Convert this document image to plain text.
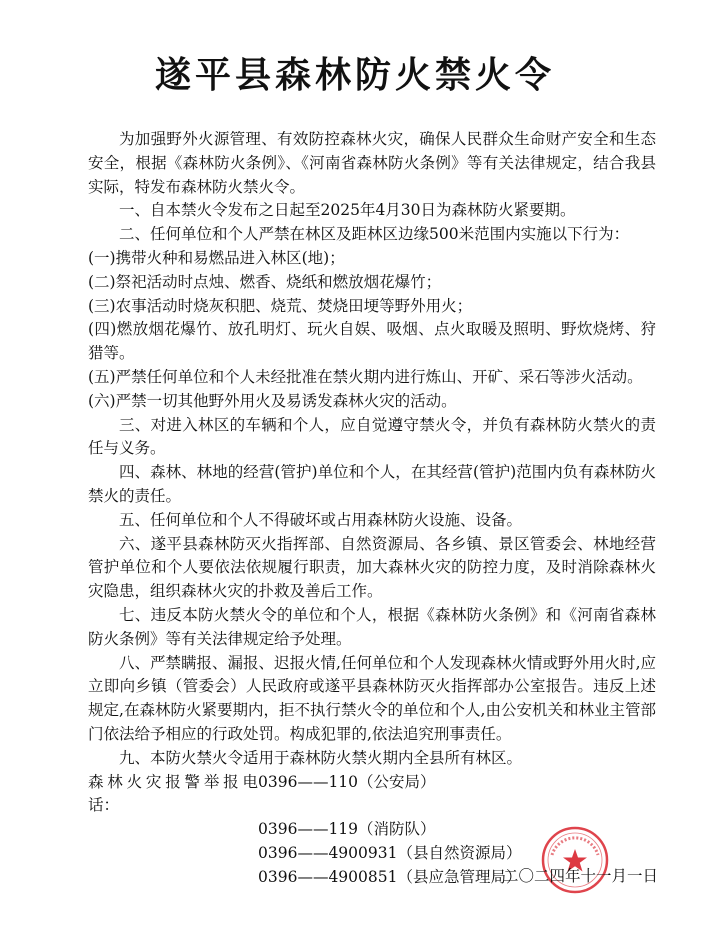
遂平县森林防火禁火令

为加强野外火源管理、有效防控森林火灾，确保人民群众生命财产安全和生态安全，根据《森林防火条例》、《河南省森林防火条例》等有关法律规定，结合我县实际，特发布森林防火禁火令。

一、自本禁火令发布之日起至2025年4月30日为森林防火紧要期。

二、任何单位和个人严禁在林区及距林区边缘500米范围内实施以下行为：

(一)携带火种和易燃品进入林区(地)；

(二)祭祀活动时点烛、燃香、烧纸和燃放烟花爆竹；

(三)农事活动时烧灰积肥、烧荒、焚烧田埂等野外用火；

(四)燃放烟花爆竹、放孔明灯、玩火自娱、吸烟、点火取暖及照明、野炊烧烤、狩猎等。

(五)严禁任何单位和个人未经批准在禁火期内进行炼山、开矿、采石等涉火活动。

(六)严禁一切其他野外用火及易诱发森林火灾的活动。

三、对进入林区的车辆和个人，应自觉遵守禁火令，并负有森林防火禁火的责任与义务。

四、森林、林地的经营(管护)单位和个人，在其经营(管护)范围内负有森林防火禁火的责任。

五、任何单位和个人不得破坏或占用森林防火设施、设备。

六、遂平县森林防灭火指挥部、自然资源局、各乡镇、景区管委会、林地经营管护单位和个人要依法依规履行职责，加大森林火灾的防控力度，及时消除森林火灾隐患，组织森林火灾的扑救及善后工作。

七、违反本防火禁火令的单位和个人，根据《森林防火条例》和《河南省森林防火条例》等有关法律规定给予处理。

八、严禁瞒报、漏报、迟报火情,任何单位和个人发现森林火情或野外用火时,应立即向乡镇（管委会）人民政府或遂平县森林防灭火指挥部办公室报告。违反上述规定,在森林防火紧要期内，拒不执行禁火令的单位和个人,由公安机关和林业主管部门依法给予相应的行政处罚。构成犯罪的,依法追究刑事责任。

九、本防火禁火令适用于森林防火禁火期内全县所有林区。

森林火灾报警举报电话：
0396——110（公安局）
0396——119（消防队）
0396——4900931（县自然资源局）
0396——4900851（县应急管理局）
二〇二四年十一月一日
